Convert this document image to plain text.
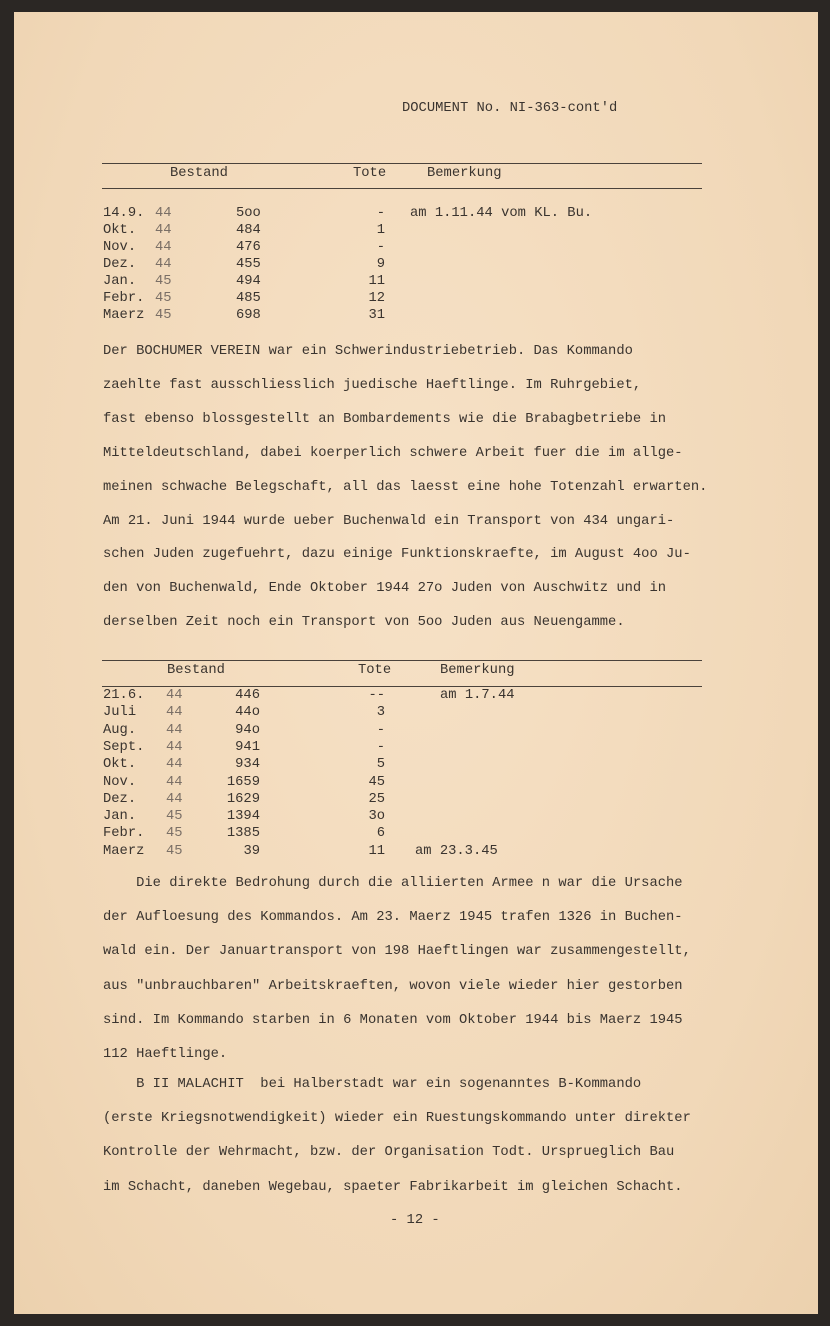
DOCUMENT No. NI-363-cont'd
Bestand	Tote	Bemerkung
14.9. 44	5oo	- am 1.11.44 vom KL. Bu.
Okt. 44	484	1
Nov. 44	476	-
Dez. 44	455	9
Jan. 45	494	11
Febr. 45	485	12
Maerz 45	698	31
Der BOCHUMER VEREIN war ein Schwerindustriebetrieb. Das Kommando
zaehlte fast ausschliesslich juedische Haeftlinge. Im Ruhrgebiet,
fast ebenso blossgestellt an Bombardements wie die Brabagbetriebe in
Mitteldeutschland, dabei koerperlich schwere Arbeit fuer die im allge-
meinen schwache Belegschaft, all das laesst eine hohe Totenzahl erwarten.
Am 21. Juni 1944 wurde ueber Buchenwald ein Transport von 434 ungari-
schen Juden zugefuehrt, dazu einige Funktionskraefte, im August 4oo Ju-
den von Buchenwald, Ende Oktober 1944 27o Juden von Auschwitz und in
derselben Zeit noch ein Transport von 5oo Juden aus Neuengamme.
Bestand	Tote	Bemerkung
21.6. 44	446	--	am 1.7.44
Juli 44	44o	3
Aug. 44	94o	-
Sept. 44	941	-
Okt. 44	934	5
Nov. 44	1659	45
Dez. 44	1629	25
Jan. 45	1394	3o
Febr. 45	1385	6
Maerz 45	39	11 am 23.3.45
Die direkte Bedrohung durch die alliierten Armee n war die Ursache
der Aufloesung des Kommandos. Am 23. Maerz 1945 trafen 1326 in Buchen-
wald ein. Der Januartransport von 198 Haeftlingen war zusammengestellt,
aus "unbrauchbaren" Arbeitskraeften, wovon viele wieder hier gestorben
sind. Im Kommando starben in 6 Monaten vom Oktober 1944 bis Maerz 1945
112 Haeftlinge.
B II MALACHIT  bei Halberstadt war ein sogenanntes B-Kommando
(erste Kriegsnotwendigkeit) wieder ein Ruestungskommando unter direkter
Kontrolle der Wehrmacht, bzw. der Organisation Todt. Ursprueglich Bau
im Schacht, daneben Wegebau, spaeter Fabrikarbeit im gleichen Schacht.
- 12 -
